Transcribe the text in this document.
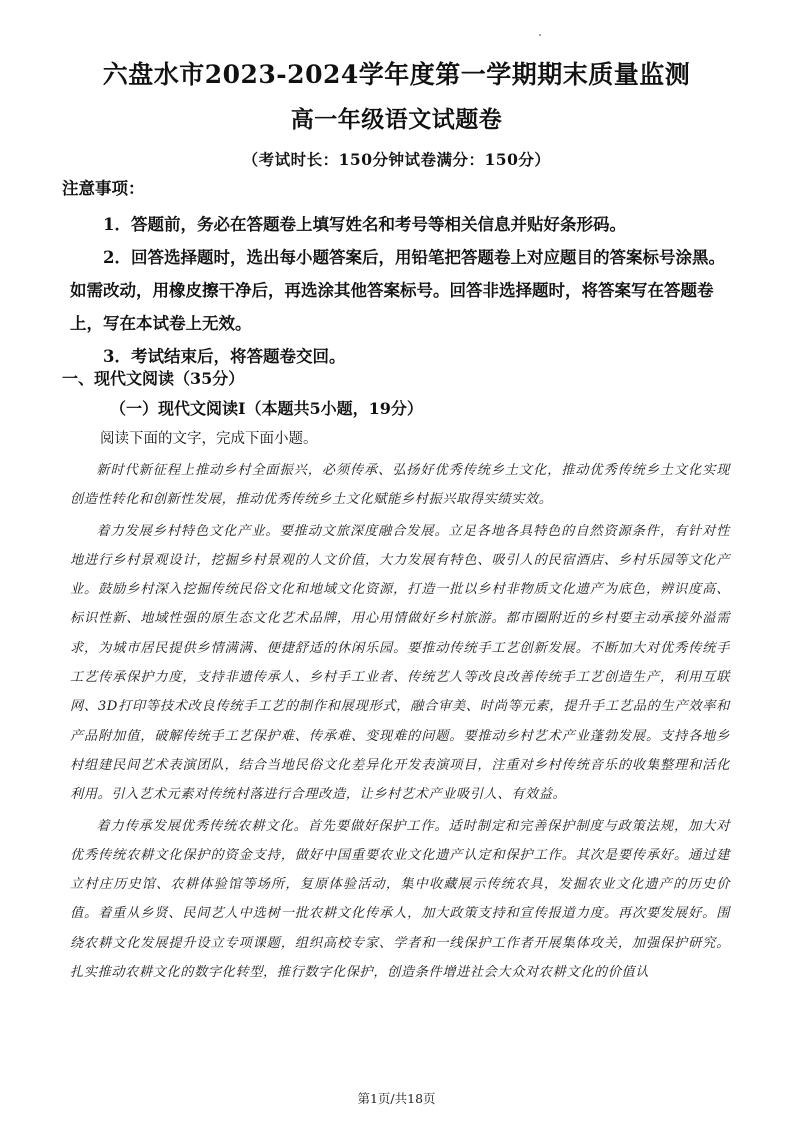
六盘水市2023-2024学年度第一学期期末质量监测
高一年级语文试题卷
（考试时长：150分钟试卷满分：150分）
注意事项：

1．答题前，务必在答题卷上填写姓名和考号等相关信息并贴好条形码。

2．回答选择题时，选出每小题答案后，用铅笔把答题卷上对应题目的答案标号涂黑。如需改动，用橡皮擦干净后，再选涂其他答案标号。回答非选择题时，将答案写在答题卷上，写在本试卷上无效。

3．考试结束后，将答题卷交回。

一、现代文阅读（35分）
（一）现代文阅读Ⅰ（本题共5小题，19分）
阅读下面的文字，完成下面小题。

新时代新征程上推动乡村全面振兴，必须传承、弘扬好优秀传统乡土文化，推动优秀传统乡土文化实现创造性转化和创新性发展，推动优秀传统乡土文化赋能乡村振兴取得实绩实效。

着力发展乡村特色文化产业。要推动文旅深度融合发展。立足各地各具特色的自然资源条件，有针对性地进行乡村景观设计，挖掘乡村景观的人文价值，大力发展有特色、吸引人的民宿酒店、乡村乐园等文化产业。鼓励乡村深入挖掘传统民俗文化和地域文化资源，打造一批以乡村非物质文化遗产为底色，辨识度高、标识性新、地域性强的原生态文化艺术品牌，用心用情做好乡村旅游。都市圈附近的乡村要主动承接外溢需求，为城市居民提供乡情满满、便捷舒适的休闲乐园。要推动传统手工艺创新发展。不断加大对优秀传统手工艺传承保护力度，支持非遗传承人、乡村手工业者、传统艺人等改良改善传统手工艺创造生产，利用互联网、3D打印等技术改良传统手工艺的制作和展现形式，融合审美、时尚等元素，提升手工艺品的生产效率和产品附加值，破解传统手工艺保护难、传承难、变现难的问题。要推动乡村艺术产业蓬勃发展。支持各地乡村组建民间艺术表演团队，结合当地民俗文化差异化开发表演项目，注重对乡村传统音乐的收集整理和活化利用。引入艺术元素对传统村落进行合理改造，让乡村艺术产业吸引人、有效益。

着力传承发展优秀传统农耕文化。首先要做好保护工作。适时制定和完善保护制度与政策法规，加大对优秀传统农耕文化保护的资金支持，做好中国重要农业文化遗产认定和保护工作。其次是要传承好。通过建立村庄历史馆、农耕体验馆等场所，复原体验活动，集中收藏展示传统农具，发掘农业文化遗产的历史价值。着重从乡贤、民间艺人中选树一批农耕文化传承人，加大政策支持和宣传报道力度。再次要发展好。围绕农耕文化发展提升设立专项课题，组织高校专家、学者和一线保护工作者开展集体攻关，加强保护研究。扎实推动农耕文化的数字化转型，推行数字化保护，创造条件增进社会大众对农耕文化的价值认

第1页/共18页
